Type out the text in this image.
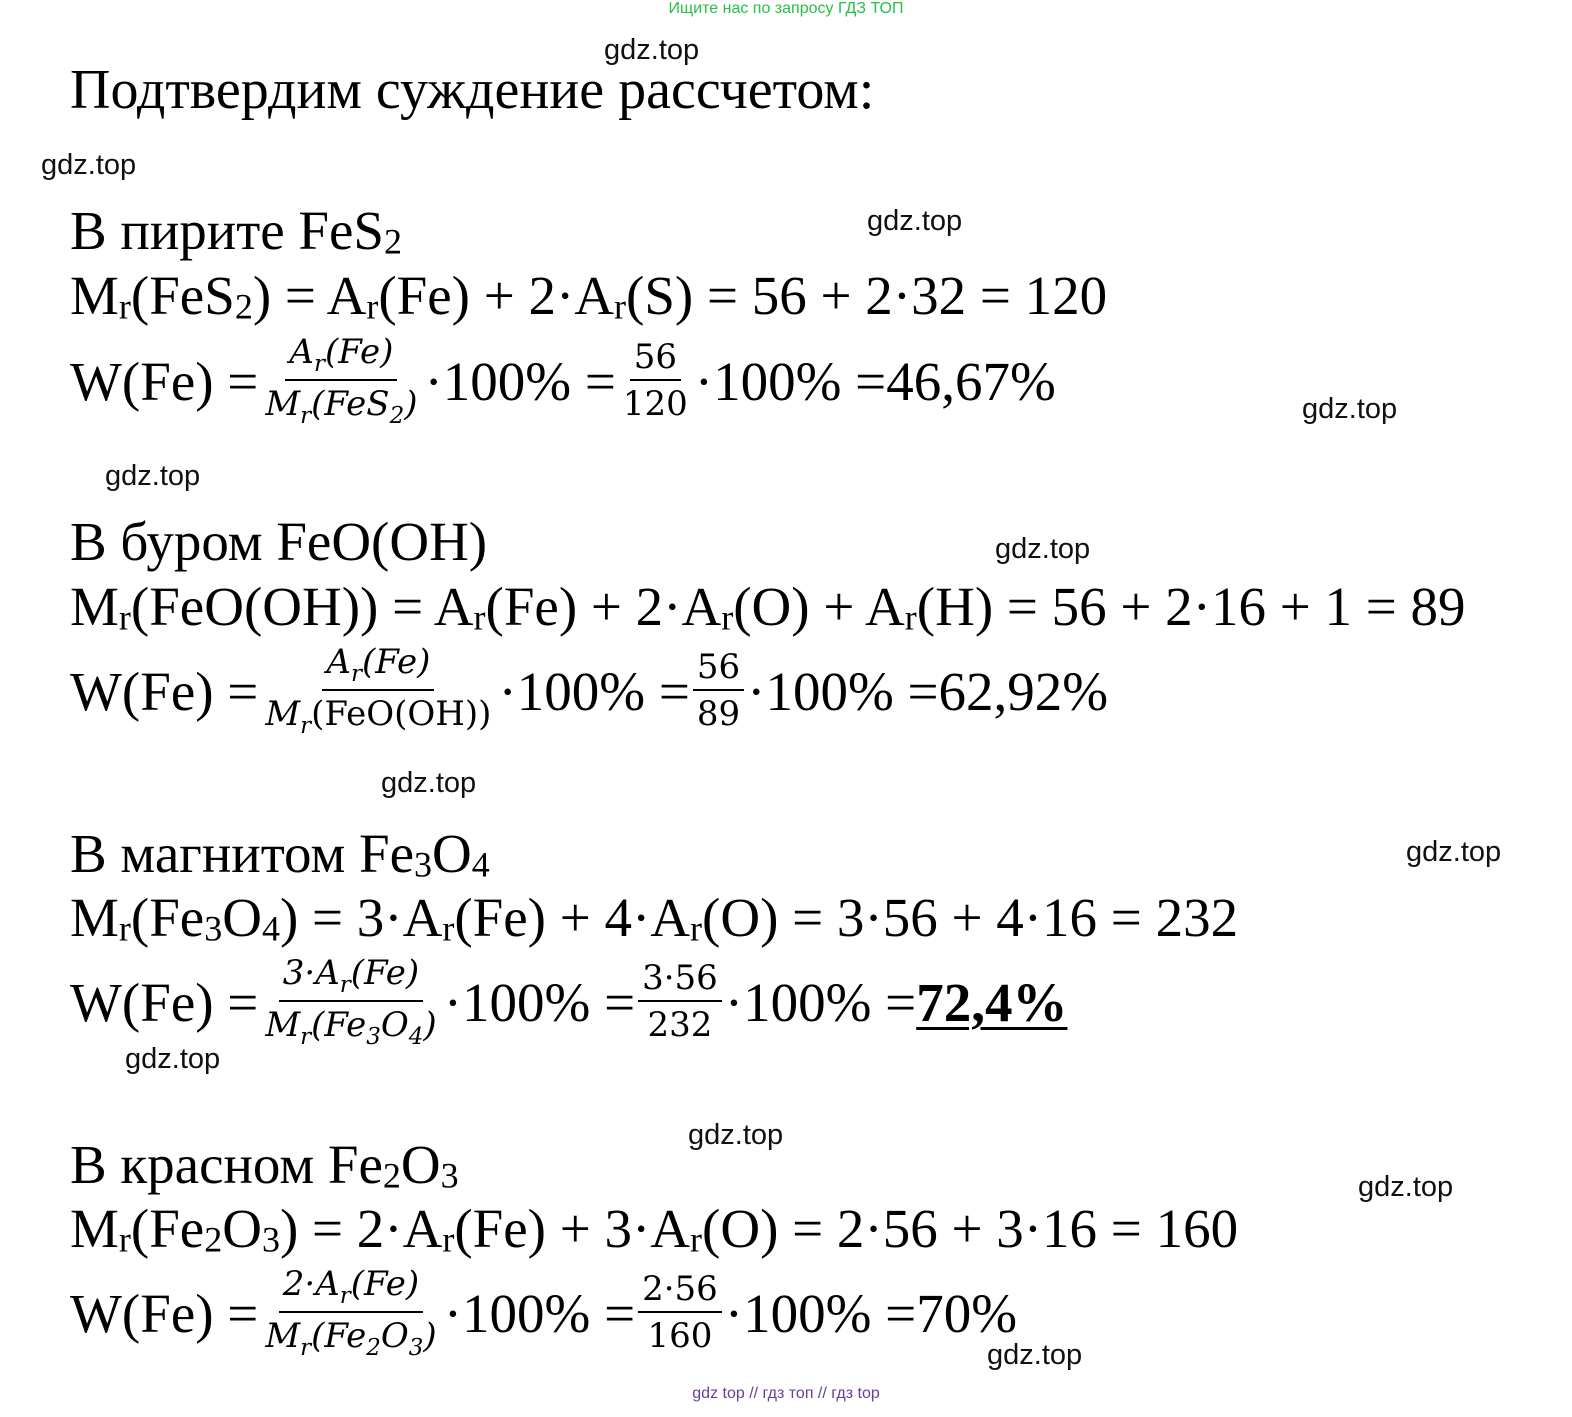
Ищите нас по запросу ГДЗ ТОП
gdz top // гдз топ // гдз top
gdz.top
gdz.top
gdz.top
gdz.top
gdz.top
gdz.top
gdz.top
gdz.top
gdz.top
gdz.top
gdz.top
gdz.top
Подтвердим суждение рассчетом:
В пирите FeS2
Mr(FeS2) = Ar(Fe) + 2·Ar(S) = 56 + 2·32 = 120
$W(Fe) = \frac{A_r(Fe)}{M_r(FeS_2)} \cdot 100\% = \frac{56}{120} \cdot 100\% = 46,67\%$
В буром FeO(OH)
Mr(FeO(OH)) = Ar(Fe) + 2·Ar(O) + Ar(H) = 56 + 2·16 + 1 = 89
$W(Fe) = \frac{A_r(Fe)}{M_r(FeO(OH))} \cdot 100\% = \frac{56}{89} \cdot 100\% = 62,92\%$
В магнитом Fe3O4
Mr(Fe3O4) = 3·Ar(Fe) + 4·Ar(O) = 3·56 + 4·16 = 232
$W(Fe) = \frac{3\cdot A_r(Fe)}{M_r(Fe_3O_4)} \cdot 100\% = \frac{3\cdot 56}{232} \cdot 100\% = 72,4\%$
В красном Fe2O3
Mr(Fe2O3) = 2·Ar(Fe) + 3·Ar(O) = 2·56 + 3·16 = 160
$W(Fe) = \frac{2\cdot A_r(Fe)}{M_r(Fe_2O_3)} \cdot 100\% = \frac{2\cdot 56}{160} \cdot 100\% = 70\%$
